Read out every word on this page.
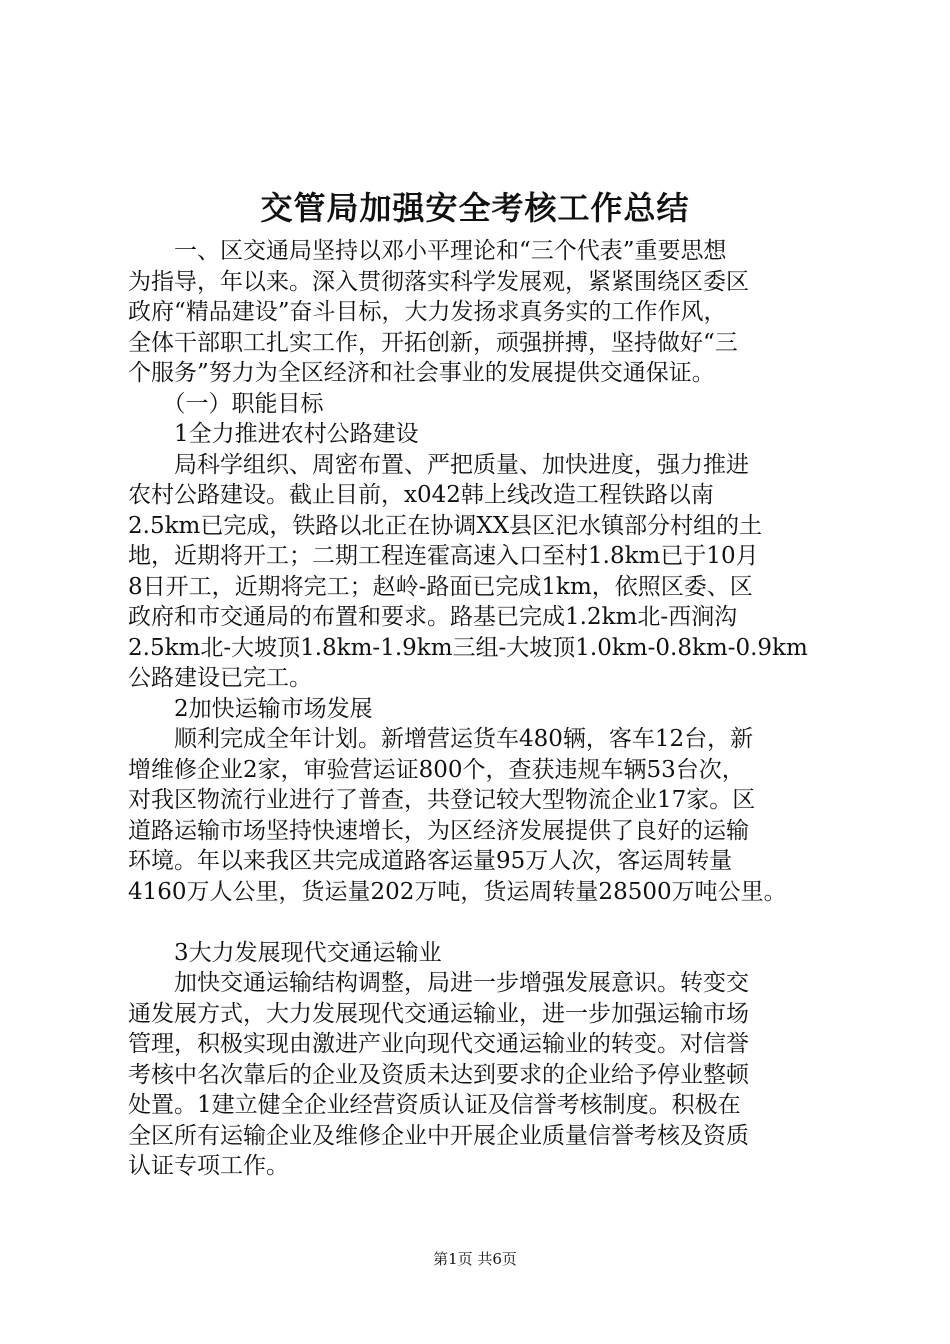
交管局加强安全考核工作总结
　　一、区交通局坚持以邓小平理论和“三个代表”重要思想
为指导，年以来。深入贯彻落实科学发展观，紧紧围绕区委区
政府“精品建设”奋斗目标，大力发扬求真务实的工作作风，
全体干部职工扎实工作，开拓创新，顽强拼搏，坚持做好“三
个服务”努力为全区经济和社会事业的发展提供交通保证。
　　（一）职能目标
　　1全力推进农村公路建设
　　局科学组织、周密布置、严把质量、加快进度，强力推进
农村公路建设。截止目前，x042韩上线改造工程铁路以南
2.5km已完成，铁路以北正在协调XX县区汜水镇部分村组的土
地，近期将开工；二期工程连霍高速入口至村1.8km已于10月
8日开工，近期将完工；赵岭-路面已完成1km，依照区委、区
政府和市交通局的布置和要求。路基已完成1.2km北-西涧沟
2.5km北-大坡顶1.8km-1.9km三组-大坡顶1.0km-0.8km-0.9km
公路建设已完工。
　　2加快运输市场发展
　　顺利完成全年计划。新增营运货车480辆，客车12台，新
增维修企业2家，审验营运证800个，查获违规车辆53台次，
对我区物流行业进行了普查，共登记较大型物流企业17家。区
道路运输市场坚持快速增长，为区经济发展提供了良好的运输
环境。年以来我区共完成道路客运量95万人次，客运周转量
4160万人公里，货运量202万吨，货运周转量28500万吨公里。
　　3大力发展现代交通运输业
　　加快交通运输结构调整，局进一步增强发展意识。转变交
通发展方式，大力发展现代交通运输业，进一步加强运输市场
管理，积极实现由激进产业向现代交通运输业的转变。对信誉
考核中名次靠后的企业及资质未达到要求的企业给予停业整顿
处置。1建立健全企业经营资质认证及信誉考核制度。积极在
全区所有运输企业及维修企业中开展企业质量信誉考核及资质
认证专项工作。
第1页 共6页
